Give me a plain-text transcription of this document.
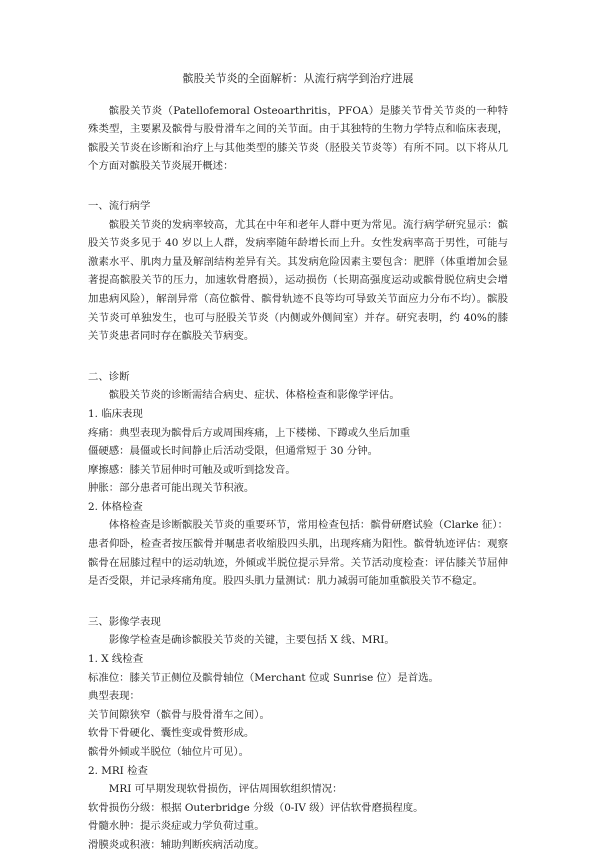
髌股关节炎的全面解析：从流行病学到治疗进展

髌股关节炎（Patellofemoral Osteoarthritis，PFOA）是膝关节骨关节炎的一种特殊类型，主要累及髌骨与股骨滑车之间的关节面。由于其独特的生物力学特点和临床表现，髌股关节炎在诊断和治疗上与其他类型的膝关节炎（胫股关节炎等）有所不同。以下将从几个方面对髌股关节炎展开概述：

一、流行病学

髌股关节炎的发病率较高，尤其在中年和老年人群中更为常见。流行病学研究显示：髌股关节炎多见于 40 岁以上人群，发病率随年龄增长而上升。女性发病率高于男性，可能与激素水平、肌肉力量及解剖结构差异有关。其发病危险因素主要包含：肥胖（体重增加会显著提高髌股关节的压力，加速软骨磨损），运动损伤（长期高强度运动或髌骨脱位病史会增加患病风险），解剖异常（高位髌骨、髌骨轨迹不良等均可导致关节面应力分布不均）。髌股关节炎可单独发生，也可与胫股关节炎（内侧或外侧间室）并存。研究表明，约 40%的膝关节炎患者同时存在髌股关节病变。

二、诊断

髌股关节炎的诊断需结合病史、症状、体格检查和影像学评估。

1. 临床表现

疼痛：典型表现为髌骨后方或周围疼痛，上下楼梯、下蹲或久坐后加重

僵硬感：晨僵或长时间静止后活动受限，但通常短于 30 分钟。

摩擦感：膝关节屈伸时可触及或听到捻发音。

肿胀：部分患者可能出现关节积液。

2. 体格检查

体格检查是诊断髌股关节炎的重要环节，常用检查包括：髌骨研磨试验（Clarke 征）：患者仰卧，检查者按压髌骨并嘱患者收缩股四头肌，出现疼痛为阳性。髌骨轨迹评估：观察髌骨在屈膝过程中的运动轨迹，外倾或半脱位提示异常。关节活动度检查：评估膝关节屈伸是否受限，并记录疼痛角度。股四头肌力量测试：肌力减弱可能加重髌股关节不稳定。

三、影像学表现

影像学检查是确诊髌股关节炎的关键，主要包括 X 线、MRI。

1. X 线检查

标准位：膝关节正侧位及髌骨轴位（Merchant 位或 Sunrise 位）是首选。

典型表现：

关节间隙狭窄（髌骨与股骨滑车之间）。

软骨下骨硬化、囊性变或骨赘形成。

髌骨外倾或半脱位（轴位片可见）。

2. MRI 检查

MRI 可早期发现软骨损伤，评估周围软组织情况：

软骨损伤分级：根据 Outerbridge 分级（0-IV 级）评估软骨磨损程度。

骨髓水肿：提示炎症或力学负荷过重。

滑膜炎或积液：辅助判断疾病活动度。
